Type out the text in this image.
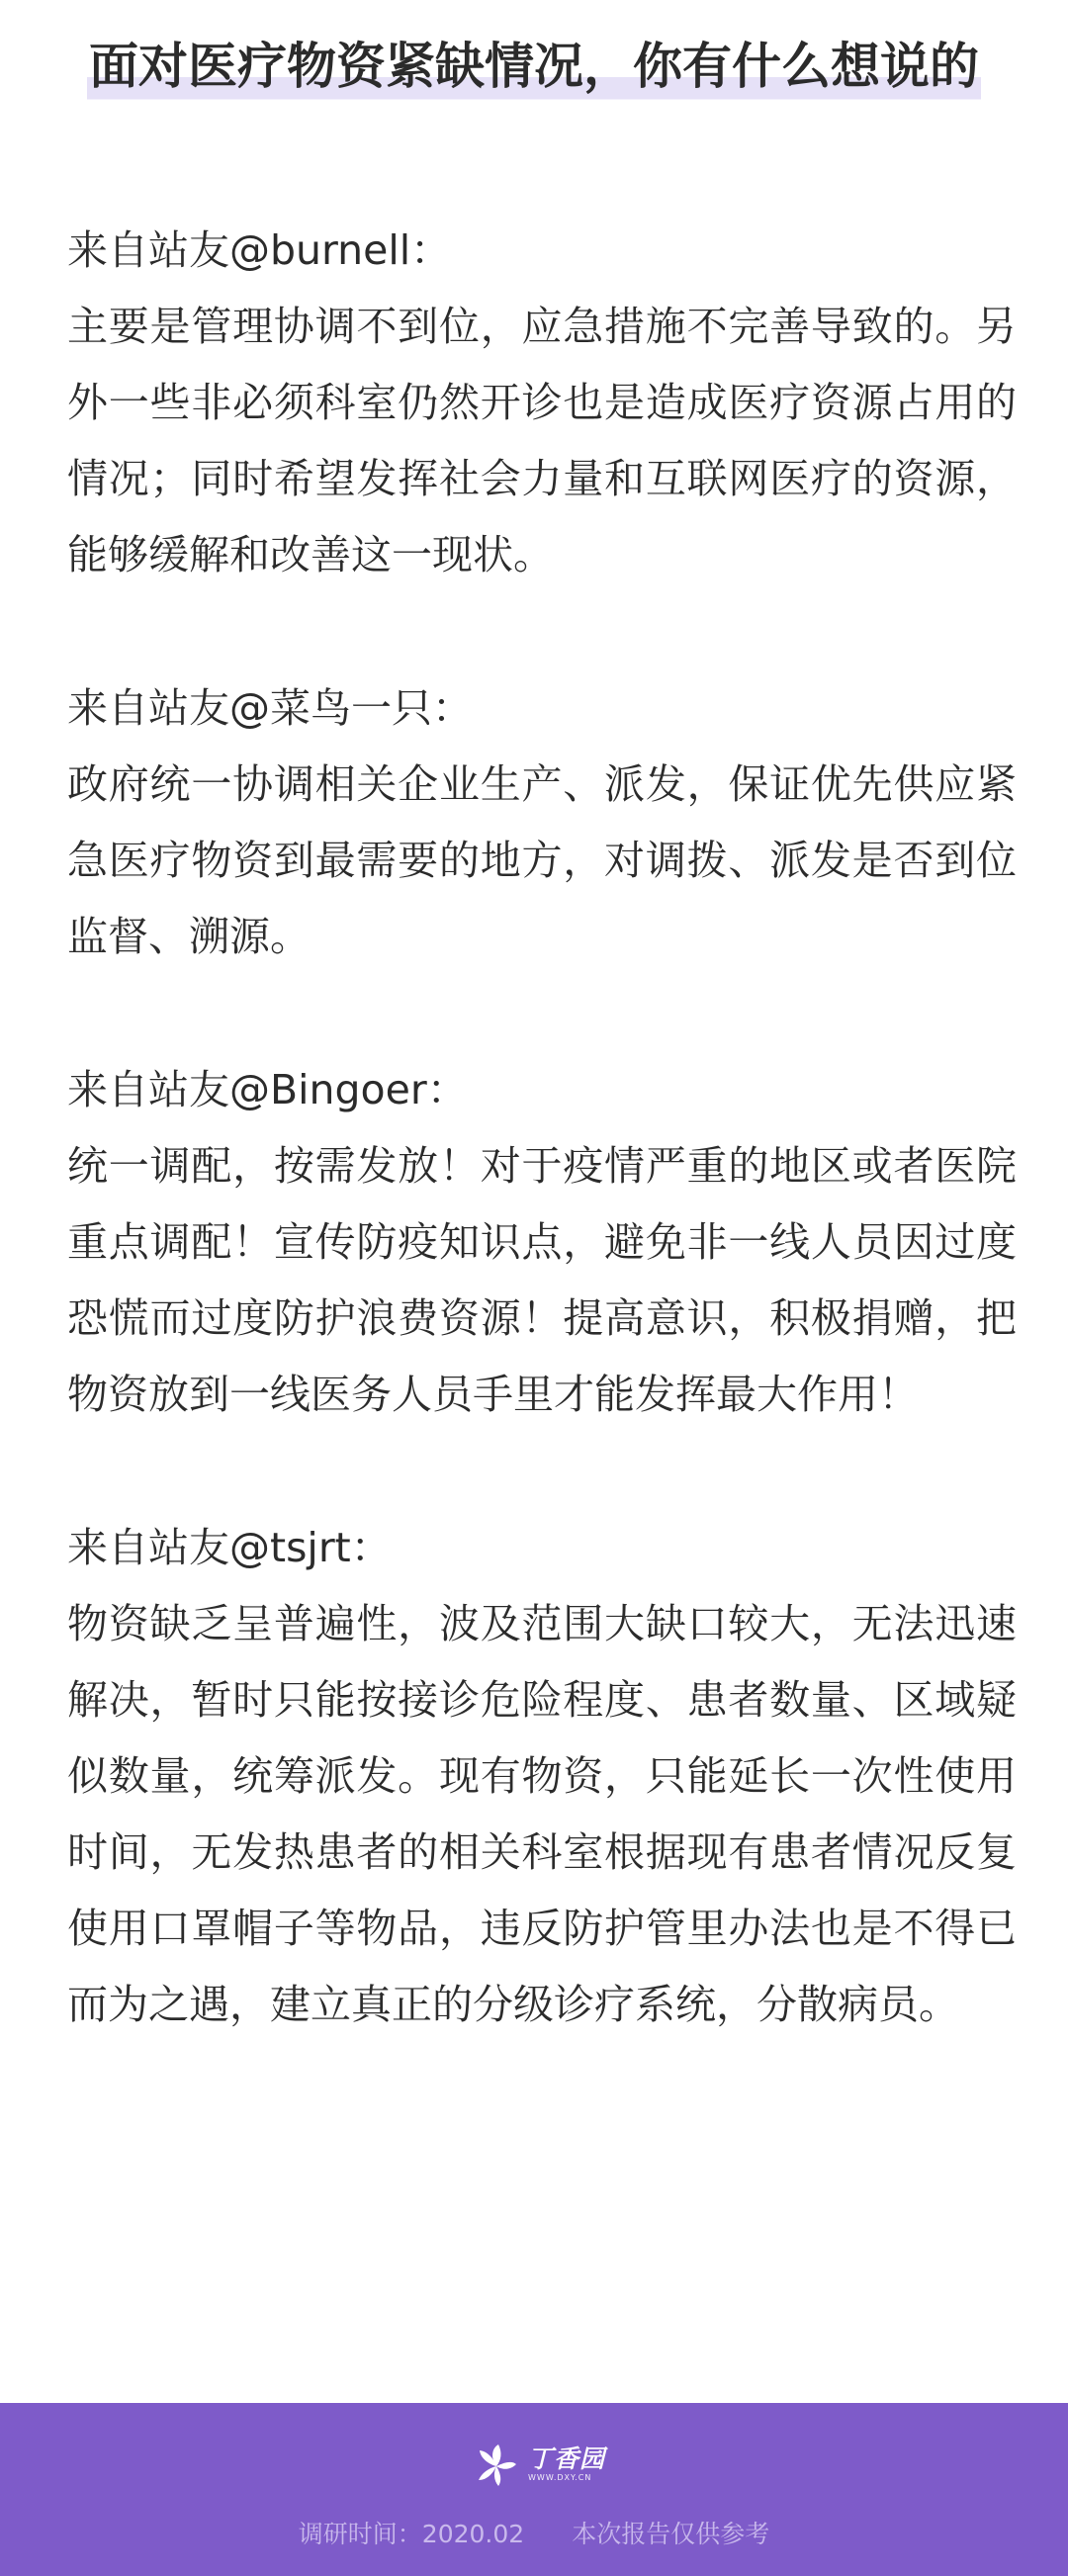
面对医疗物资紧缺情况，你有什么想说的

来自站友@burnell：

主要是管理协调不到位，应急措施不完善导致的。另外一些非必须科室仍然开诊也是造成医疗资源占用的情况；同时希望发挥社会力量和互联网医疗的资源，能够缓解和改善这一现状。

来自站友@菜鸟一只：

政府统一协调相关企业生产、派发，保证优先供应紧急医疗物资到最需要的地方，对调拨、派发是否到位监督、溯源。

来自站友@Bingoer：

统一调配，按需发放！对于疫情严重的地区或者医院重点调配！宣传防疫知识点，避免非一线人员因过度恐慌而过度防护浪费资源！提高意识，积极捐赠，把物资放到一线医务人员手里才能发挥最大作用！

来自站友@tsjrt：

物资缺乏呈普遍性，波及范围大缺口较大，无法迅速解决，暂时只能按接诊危险程度、患者数量、区域疑似数量，统筹派发。现有物资，只能延长一次性使用时间，无发热患者的相关科室根据现有患者情况反复使用口罩帽子等物品，违反防护管里办法也是不得已而为之遇，建立真正的分级诊疗系统，分散病员。

丁香园
WWW.DXY.CN
调研时间：2020.02 本次报告仅供参考
